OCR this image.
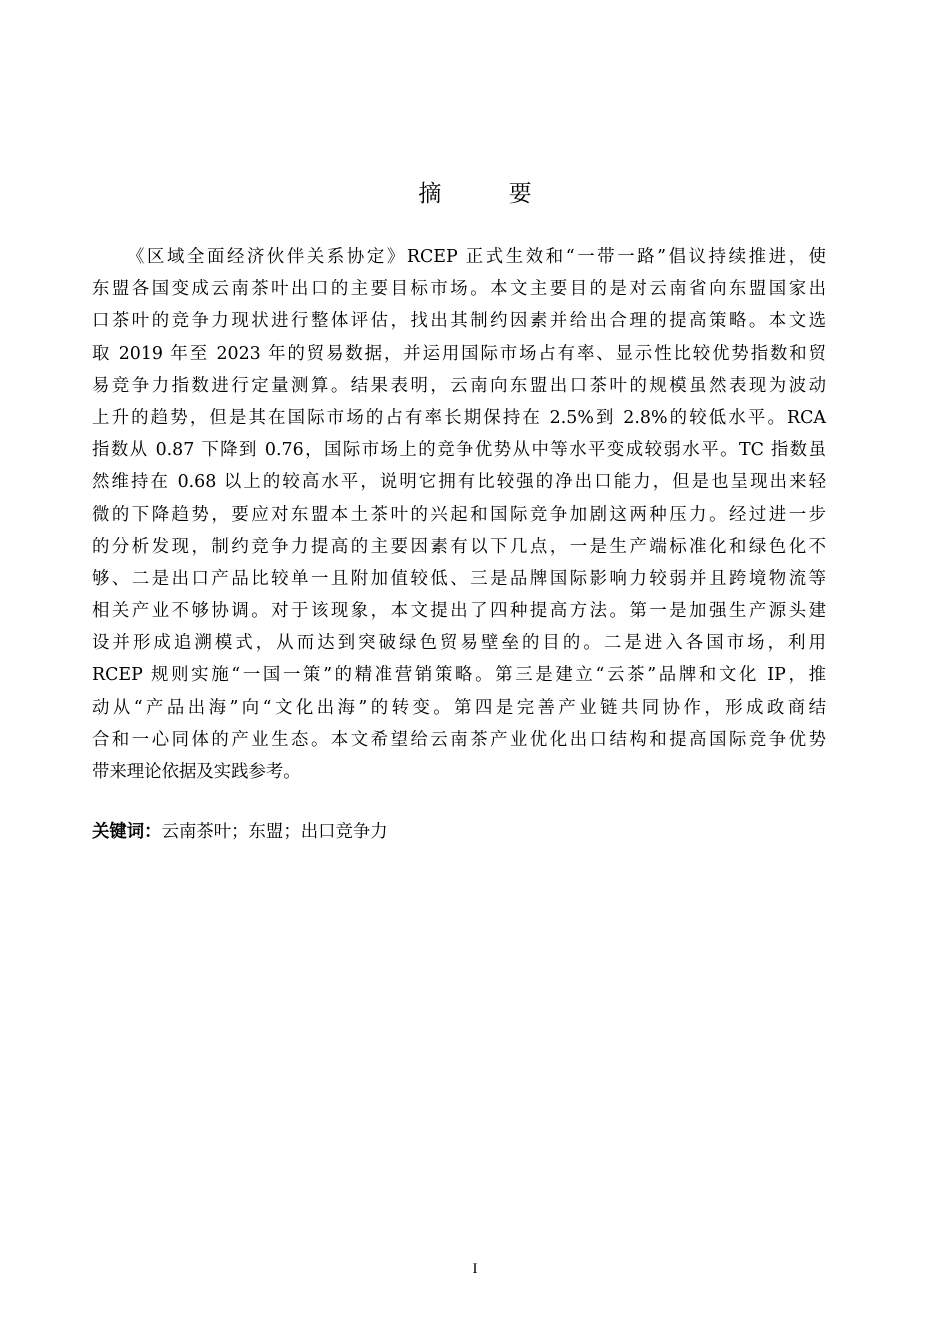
摘 要
《区域全面经济伙伴关系协定》RCEP 正式生效和“一带一路”倡议持续推进，使
东盟各国变成云南茶叶出口的主要目标市场。本文主要目的是对云南省向东盟国家出
口茶叶的竞争力现状进行整体评估，找出其制约因素并给出合理的提高策略。本文选
取 2019 年至 2023 年的贸易数据，并运用国际市场占有率、显示性比较优势指数和贸
易竞争力指数进行定量测算。结果表明，云南向东盟出口茶叶的规模虽然表现为波动
上升的趋势，但是其在国际市场的占有率长期保持在 2.5%到 2.8%的较低水平。RCA
指数从 0.87 下降到 0.76，国际市场上的竞争优势从中等水平变成较弱水平。TC 指数虽
然维持在 0.68 以上的较高水平，说明它拥有比较强的净出口能力，但是也呈现出来轻
微的下降趋势，要应对东盟本土茶叶的兴起和国际竞争加剧这两种压力。经过进一步
的分析发现，制约竞争力提高的主要因素有以下几点，一是生产端标准化和绿色化不
够、二是出口产品比较单一且附加值较低、三是品牌国际影响力较弱并且跨境物流等
相关产业不够协调。对于该现象，本文提出了四种提高方法。第一是加强生产源头建
设并形成追溯模式，从而达到突破绿色贸易壁垒的目的。二是进入各国市场，利用
RCEP 规则实施“一国一策”的精准营销策略。第三是建立“云茶”品牌和文化 IP，推
动从“产品出海”向“文化出海”的转变。第四是完善产业链共同协作，形成政商结
合和一心同体的产业生态。本文希望给云南茶产业优化出口结构和提高国际竞争优势
带来理论依据及实践参考。
关键词：云南茶叶；东盟；出口竞争力
I
